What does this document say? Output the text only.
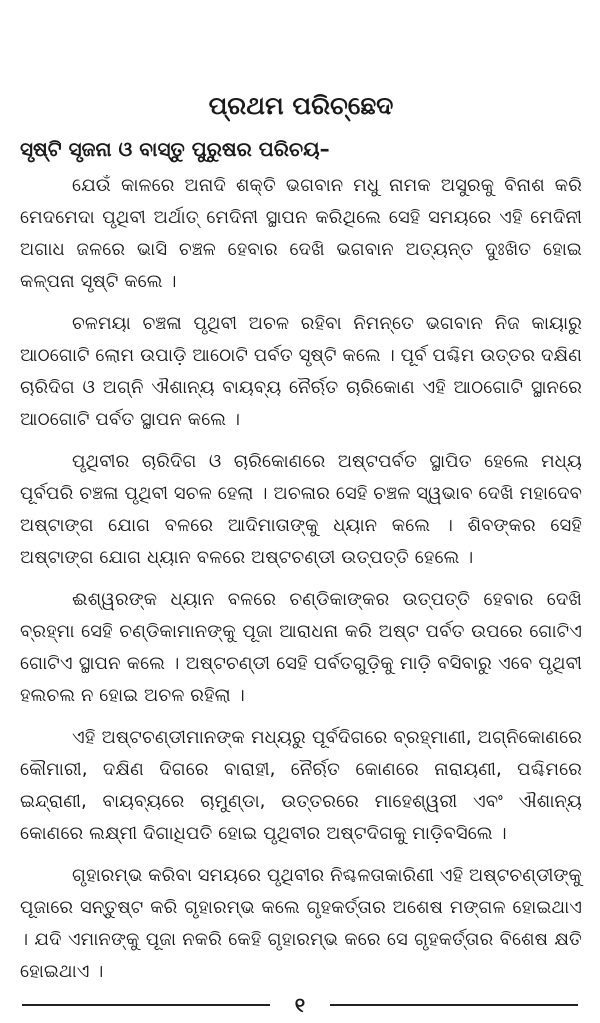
ପ୍ରଥମ ପରିଚ୍ଛେଦ
ସୃଷ୍ଟି ସୃଜନା ଓ ବାସ୍ତୁ ପୁରୁଷର ପରିଚୟ–

ଯେଉଁ କାଳରେ ଅନାଦି ଶକ୍ତି ଭଗବାନ ମଧୁ ନାମକ ଅସୁରକୁ ବିନାଶ କରି ମେଦମେଦା ପୃଥିବୀ ଅର୍ଥାତ୍ ମେଦିନୀ ସ୍ଥାପନ କରିଥିଲେ ସେହି ସମୟରେ ଏହି ମେଦିନୀ ଅଗାଧ ଜଳରେ ଭାସି ଚଞ୍ଚଳ ହେବାର ଦେଖି ଭଗବାନ ଅତ୍ୟନ୍ତ ଦୁଃଖିତ ହୋଇ କଳ୍ପନା ସୃଷ୍ଟି କଲେ ।

ଚଳମୟା ଚଞ୍ଚଳା ପୃଥିବୀ ଅଚଳ ରହିବା ନିମନ୍ତେ ଭଗବାନ ନିଜ କାୟାରୁ ଆଠଗୋଟି ଲୋମ ଉପାଡ଼ି ଆଠୋଟି ପର୍ବତ ସୃଷ୍ଟି କଲେ । ପୂର୍ବ ପଶ୍ଚିମ ଉତ୍ତର ଦକ୍ଷିଣ ଚାରିଦିଗ ଓ ଅଗ୍ନି ଐଶାନ୍ୟ ବାୟବ୍ୟ ନୈର୍ଋତ ଚାରିକୋଣ ଏହି ଆଠଗୋଟି ସ୍ଥାନରେ ଆଠଗୋଟି ପର୍ବତ ସ୍ଥାପନ କଲେ ।

ପୃଥିବୀର ଚାରିଦିଗ ଓ ଚାରିକୋଣରେ ଅଷ୍ଟପର୍ବତ ସ୍ଥାପିତ ହେଲେ ମଧ୍ୟ ପୂର୍ବପରି ଚଞ୍ଚଳା ପୃଥିବୀ ସଚଳ ହେଲା । ଅଚଳାର ସେହି ଚଞ୍ଚଳ ସ୍ୱଭାବ ଦେଖି ମହାଦେବ ଅଷ୍ଟାଙ୍ଗ ଯୋଗ ବଳରେ ଆଦିମାତାଙ୍କୁ ଧ୍ୟାନ କଲେ । ଶିବଙ୍କର ସେହି ଅଷ୍ଟାଙ୍ଗ ଯୋଗ ଧ୍ୟାନ ବଳରେ ଅଷ୍ଟଚଣ୍ଡୀ ଉତ୍ପତ୍ତି ହେଲେ ।

ଈଶ୍ୱରଙ୍କ ଧ୍ୟାନ ବଳରେ ଚଣ୍ଡିକାଙ୍କର ଉତ୍ପତ୍ତି ହେବାର ଦେଖି ବ୍ରହ୍ମା ସେହି ଚଣ୍ଡିକାମାନଙ୍କୁ ପୂଜା ଆରାଧନା କରି ଅଷ୍ଟ ପର୍ବତ ଉପରେ ଗୋଟିଏ ଗୋଟିଏ ସ୍ଥାପନ କଲେ । ଅଷ୍ଟଚଣ୍ଡୀ ସେହି ପର୍ବତଗୁଡ଼ିକୁ ମାଡ଼ି ବସିବାରୁ ଏବେ ପୃଥିବୀ ହଲଚଲ ନ ହୋଇ ଅଚଳ ରହିଲା ।

ଏହି ଅଷ୍ଟଚଣ୍ଡୀମାନଙ୍କ ମଧ୍ୟରୁ ପୂର୍ବଦିଗରେ ବ୍ରହ୍ମାଣୀ, ଅଗ୍ନିକୋଣରେ କୌମାରୀ, ଦକ୍ଷିଣ ଦିଗରେ ବାରାହୀ, ନୈର୍ଋତ କୋଣରେ ନାରାୟଣୀ, ପଶ୍ଚିମରେ ଇନ୍ଦ୍ରାଣୀ, ବାୟବ୍ୟରେ ଚାମୁଣ୍ଡା, ଉତ୍ତରରେ ମାହେଶ୍ୱରୀ ଏବଂ ଐଶାନ୍ୟ କୋଣରେ ଲକ୍ଷ୍ମୀ ଦିଗାଧିପତି ହୋଇ ପୃଥିବୀର ଅଷ୍ଟଦିଗକୁ ମାଡ଼ିବସିଲେ ।

ଗୃହାରମ୍ଭ କରିବା ସମୟରେ ପୃଥିବୀର ନିଶ୍ଚଳତାକାରିଣୀ ଏହି ଅଷ୍ଟଚଣ୍ଡୀଙ୍କୁ ପୂଜାରେ ସନ୍ତୁଷ୍ଟ କରି ଗୃହାରମ୍ଭ କଲେ ଗୃହକର୍ତ୍ତାର ଅଶେଷ ମଙ୍ଗଳ ହୋଇଥାଏ । ଯଦି ଏମାନଙ୍କୁ ପୂଜା ନକରି କେହି ଗୃହାରମ୍ଭ କରେ ସେ ଗୃହକର୍ତ୍ତାର ବିଶେଷ କ୍ଷତି ହୋଇଥାଏ ।

୧
